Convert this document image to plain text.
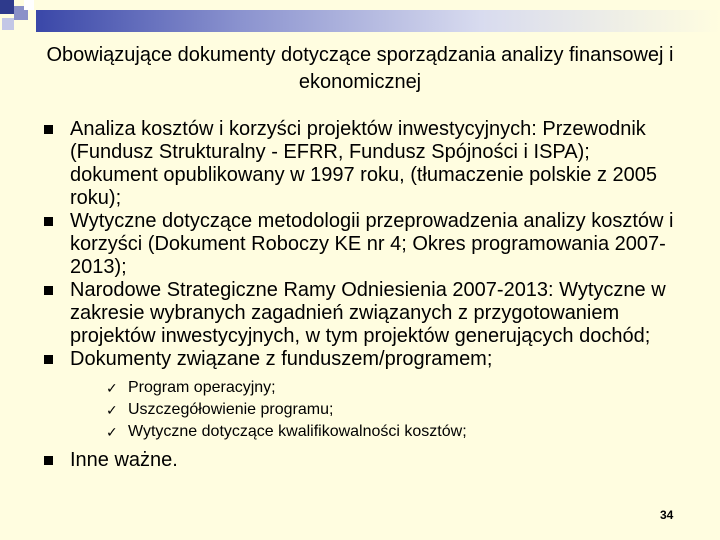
Obowiązujące dokumenty dotyczące sporządzania analizy finansowej i ekonomicznej
Analiza kosztów i korzyści projektów inwestycyjnych: Przewodnik (Fundusz Strukturalny - EFRR, Fundusz Spójności i ISPA); dokument opublikowany w 1997 roku, (tłumaczenie polskie z 2005 roku);
Wytyczne dotyczące metodologii przeprowadzenia analizy kosztów i korzyści (Dokument Roboczy KE nr 4; Okres programowania 2007-2013);
Narodowe Strategiczne Ramy Odniesienia 2007-2013: Wytyczne w zakresie wybranych zagadnień związanych z przygotowaniem projektów inwestycyjnych, w tym projektów generujących dochód;
Dokumenty związane z funduszem/programem;
✓ Program operacyjny;
✓ Uszczegółowienie programu;
✓ Wytyczne dotyczące kwalifikowalności kosztów;
Inne ważne.
34
